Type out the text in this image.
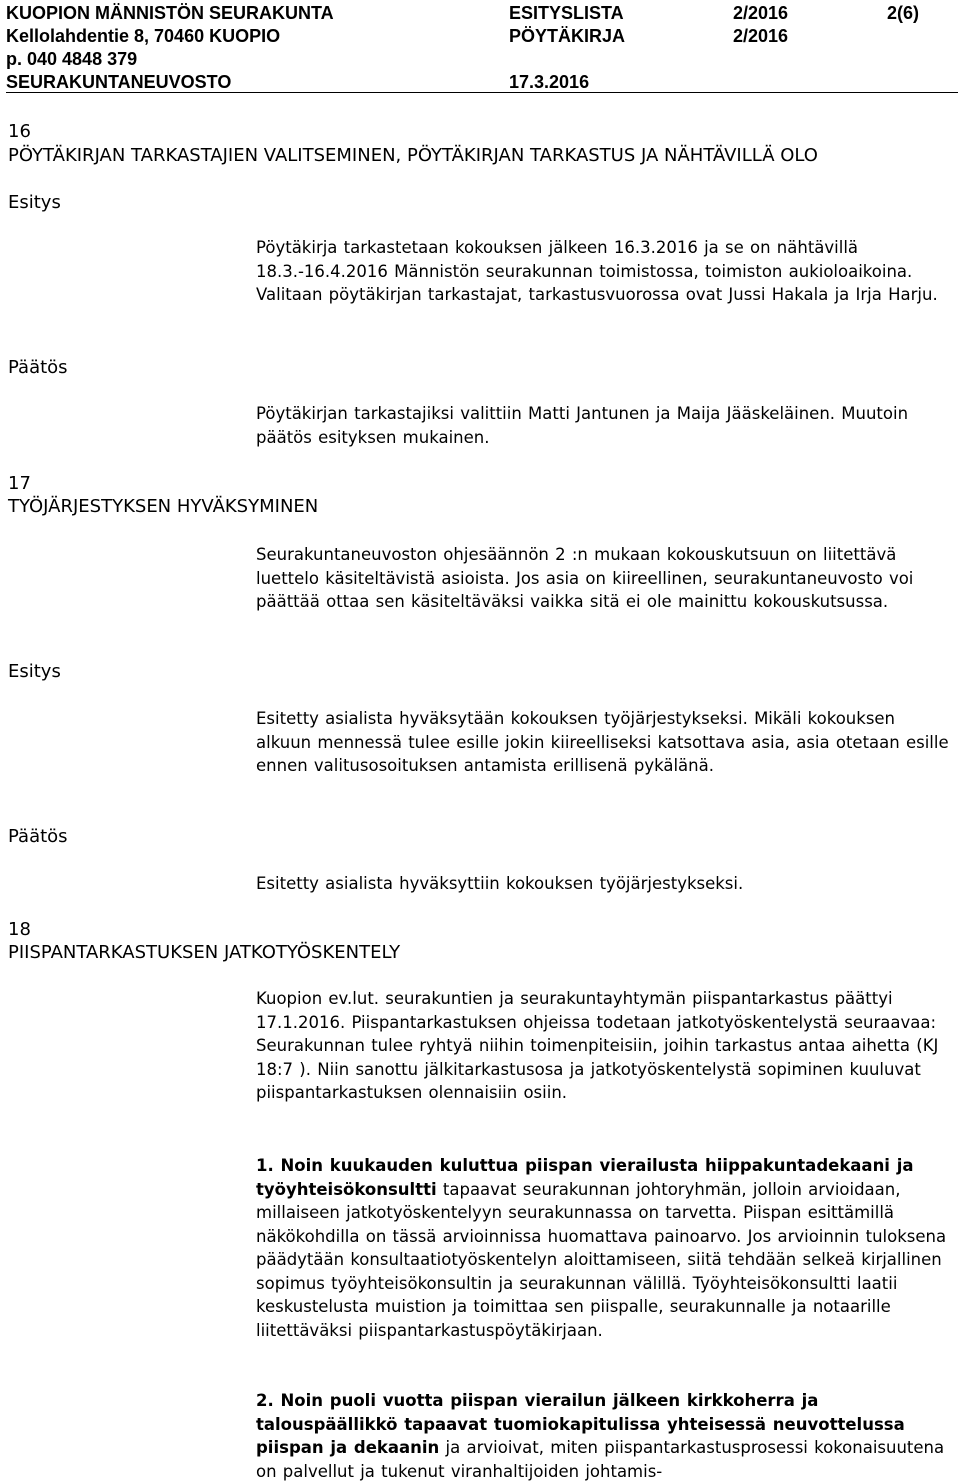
KUOPION MÄNNISTÖN SEURAKUNTA
Kellolahdentie 8, 70460 KUOPIO
p. 040 4848 379
SEURAKUNTANEUVOSTO
ESITYSLISTA
PÖYTÄKIRJA
17.3.2016
2/2016
2/2016
2(6)
16
PÖYTÄKIRJAN TARKASTAJIEN VALITSEMINEN, PÖYTÄKIRJAN TARKASTUS JA NÄHTÄVILLÄ OLO
Esitys
Pöytäkirja tarkastetaan kokouksen jälkeen 16.3.2016 ja se on nähtävillä 18.3.-16.4.2016 Männistön seurakunnan toimistossa, toimiston aukioloaikoina. Valitaan pöytäkirjan tarkastajat, tarkastusvuorossa ovat Jussi Hakala ja Irja Harju.
Päätös
Pöytäkirjan tarkastajiksi valittiin Matti Jantunen ja Maija Jääskeläinen. Muutoin päätös esityksen mukainen.
17
TYÖJÄRJESTYKSEN HYVÄKSYMINEN
Seurakuntaneuvoston ohjesäännön 2 :n mukaan kokouskutsuun on liitettävä luettelo käsiteltävistä asioista. Jos asia on kiireellinen, seurakuntaneuvosto voi päättää ottaa sen käsiteltäväksi vaikka sitä ei ole mainittu kokouskutsussa.
Esitys
Esitetty asialista hyväksytään kokouksen työjärjestykseksi. Mikäli kokouksen alkuun mennessä tulee esille jokin kiireelliseksi katsottava asia, asia otetaan esille ennen valitusosoituksen antamista erillisenä pykälänä.
Päätös
Esitetty asialista hyväksyttiin kokouksen työjärjestykseksi.
18
PIISPANTARKASTUKSEN JATKOTYÖSKENTELY
Kuopion ev.lut. seurakuntien ja seurakuntayhtymän piispantarkastus päättyi 17.1.2016. Piispantarkastuksen ohjeissa todetaan jatkotyöskentelystä seuraavaa: Seurakunnan tulee ryhtyä niihin toimenpiteisiin, joihin tarkastus antaa aihetta (KJ 18:7 ). Niin sanottu jälkitarkastusosa ja jatkotyöskentelystä sopiminen kuuluvat piispantarkastuksen olennaisiin osiin.
1. Noin kuukauden kuluttua piispan vierailusta hiippakuntadekaani ja työyhteisökonsultti tapaavat seurakunnan johtoryhmän, jolloin arvioidaan, millaiseen jatkotyöskentelyyn seurakunnassa on tarvetta. Piispan esittämillä näkökohdilla on tässä arvioinnissa huomattava painoarvo. Jos arvioinnin tuloksena päädytään konsultaatiotyöskentelyn aloittamiseen, siitä tehdään selkeä kirjallinen sopimus työyhteisökonsultin ja seurakunnan välillä. Työyhteisökonsultti laatii keskustelusta muistion ja toimittaa sen piispalle, seurakunnalle ja notaarille liitettäväksi piispantarkastuspöytäkirjaan.
2. Noin puoli vuotta piispan vierailun jälkeen kirkkoherra ja talouspäällikkö tapaavat tuomiokapitulissa yhteisessä neuvottelussa piispan ja dekaanin ja arvioivat, miten piispantarkastusprosessi kokonaisuutena on palvellut ja tukenut viranhaltijoiden johtamis-
